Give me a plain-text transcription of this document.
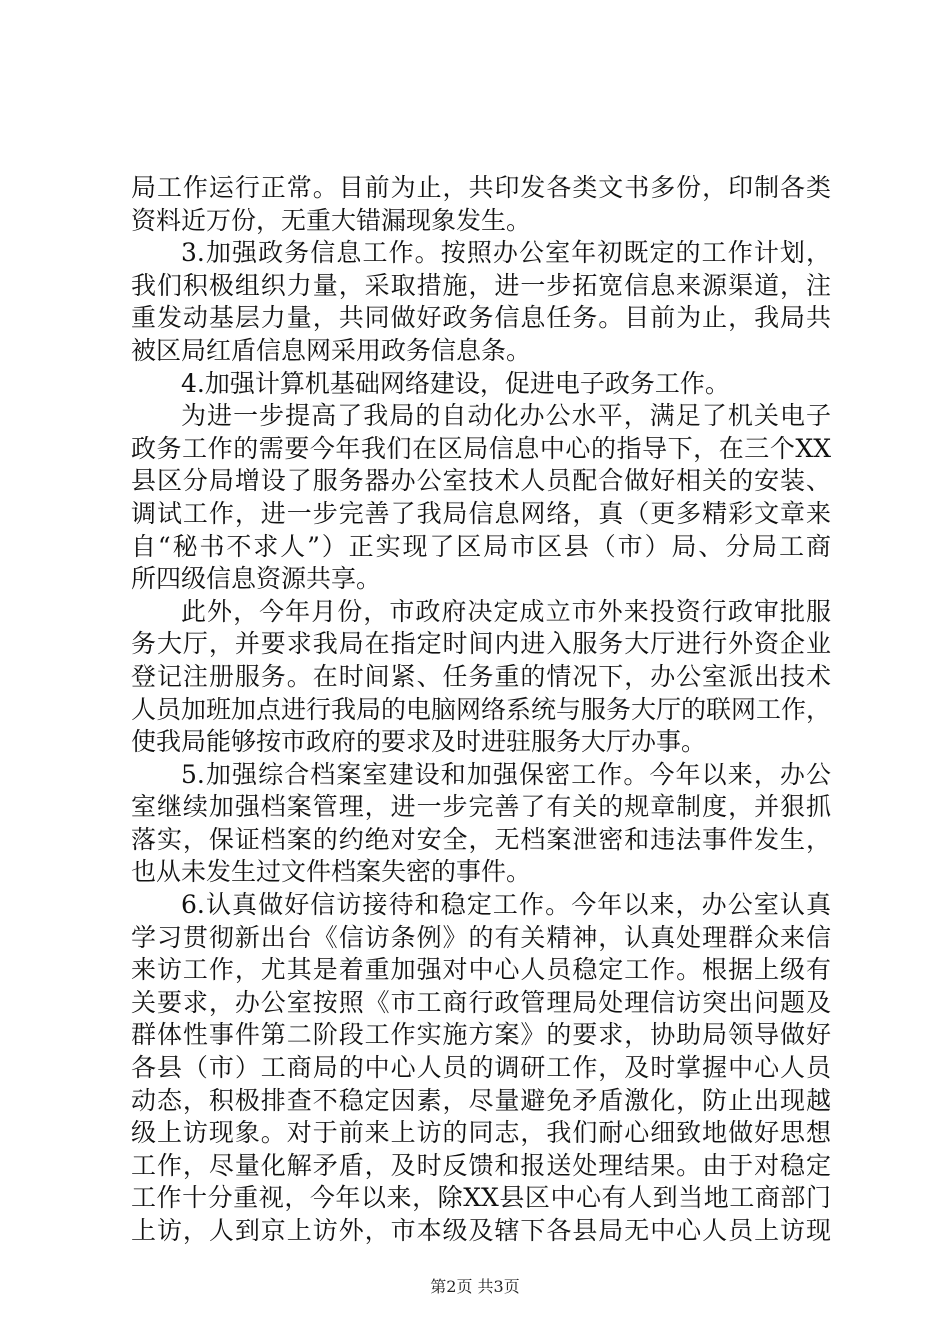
局工作运行正常。目前为止，共印发各类文书多份，印制各类
资料近万份，无重大错漏现象发生。
3.加强政务信息工作。按照办公室年初既定的工作计划，
我们积极组织力量，采取措施，进一步拓宽信息来源渠道，注
重发动基层力量，共同做好政务信息任务。目前为止，我局共
被区局红盾信息网采用政务信息条。
4.加强计算机基础网络建设，促进电子政务工作。
为进一步提高了我局的自动化办公水平，满足了机关电子
政务工作的需要今年我们在区局信息中心的指导下，在三个XX
县区分局增设了服务器办公室技术人员配合做好相关的安装、
调试工作，进一步完善了我局信息网络，真（更多精彩文章来
自“秘书不求人”）正实现了区局市区县（市）局、分局工商
所四级信息资源共享。
此外，今年月份，市政府决定成立市外来投资行政审批服
务大厅，并要求我局在指定时间内进入服务大厅进行外资企业
登记注册服务。在时间紧、任务重的情况下，办公室派出技术
人员加班加点进行我局的电脑网络系统与服务大厅的联网工作，
使我局能够按市政府的要求及时进驻服务大厅办事。
5.加强综合档案室建设和加强保密工作。今年以来，办公
室继续加强档案管理，进一步完善了有关的规章制度，并狠抓
落实，保证档案的约绝对安全，无档案泄密和违法事件发生，
也从未发生过文件档案失密的事件。
6.认真做好信访接待和稳定工作。今年以来，办公室认真
学习贯彻新出台《信访条例》的有关精神，认真处理群众来信
来访工作，尤其是着重加强对中心人员稳定工作。根据上级有
关要求，办公室按照《市工商行政管理局处理信访突出问题及
群体性事件第二阶段工作实施方案》的要求，协助局领导做好
各县（市）工商局的中心人员的调研工作，及时掌握中心人员
动态，积极排查不稳定因素，尽量避免矛盾激化，防止出现越
级上访现象。对于前来上访的同志，我们耐心细致地做好思想
工作，尽量化解矛盾，及时反馈和报送处理结果。由于对稳定
工作十分重视，今年以来，除XX县区中心有人到当地工商部门
上访，人到京上访外，市本级及辖下各县局无中心人员上访现
第2页 共3页
